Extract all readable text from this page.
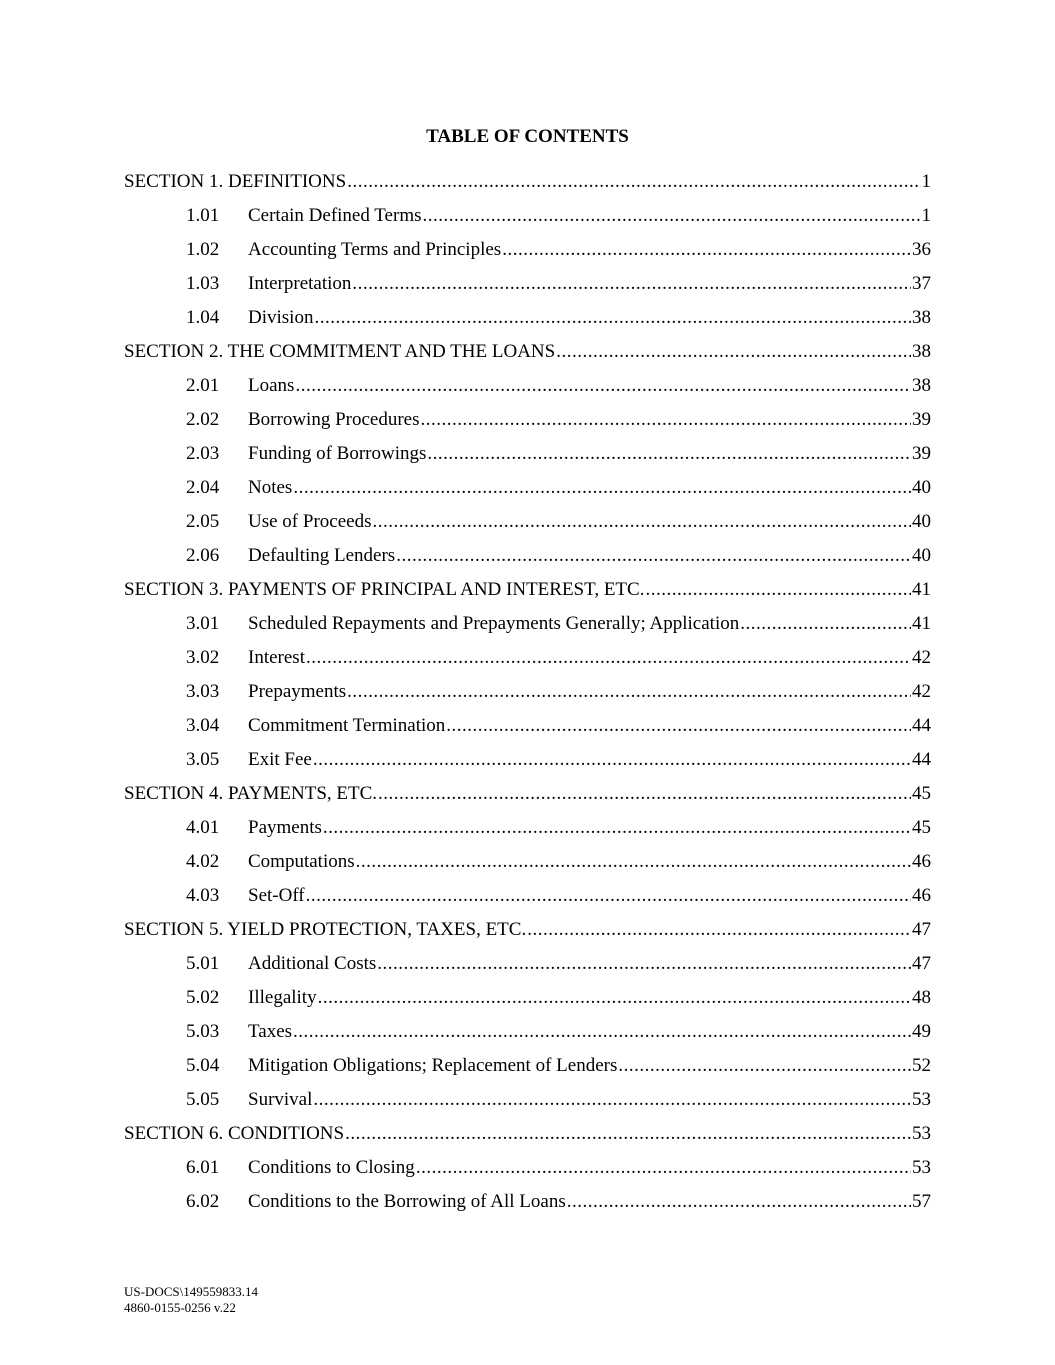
TABLE OF CONTENTS
SECTION 1. DEFINITIONS .....	1
1.01	Certain Defined Terms .....	1
1.02	Accounting Terms and Principles .....	36
1.03	Interpretation .....	37
1.04	Division .....	38
SECTION 2. THE COMMITMENT AND THE LOANS .....	38
2.01	Loans .....	38
2.02	Borrowing Procedures .....	39
2.03	Funding of Borrowings .....	39
2.04	Notes .....	40
2.05	Use of Proceeds .....	40
2.06	Defaulting Lenders .....	40
SECTION 3. PAYMENTS OF PRINCIPAL AND INTEREST, ETC. .....	41
3.01	Scheduled Repayments and Prepayments Generally; Application .....	41
3.02	Interest .....	42
3.03	Prepayments .....	42
3.04	Commitment Termination .....	44
3.05	Exit Fee .....	44
SECTION 4. PAYMENTS, ETC. .....	45
4.01	Payments .....	45
4.02	Computations .....	46
4.03	Set-Off .....	46
SECTION 5. YIELD PROTECTION, TAXES, ETC. .....	47
5.01	Additional Costs .....	47
5.02	Illegality .....	48
5.03	Taxes .....	49
5.04	Mitigation Obligations; Replacement of Lenders .....	52
5.05	Survival .....	53
SECTION 6. CONDITIONS .....	53
6.01	Conditions to Closing .....	53
6.02	Conditions to the Borrowing of All Loans .....	57
US-DOCS\149559833.14
4860-0155-0256 v.22
